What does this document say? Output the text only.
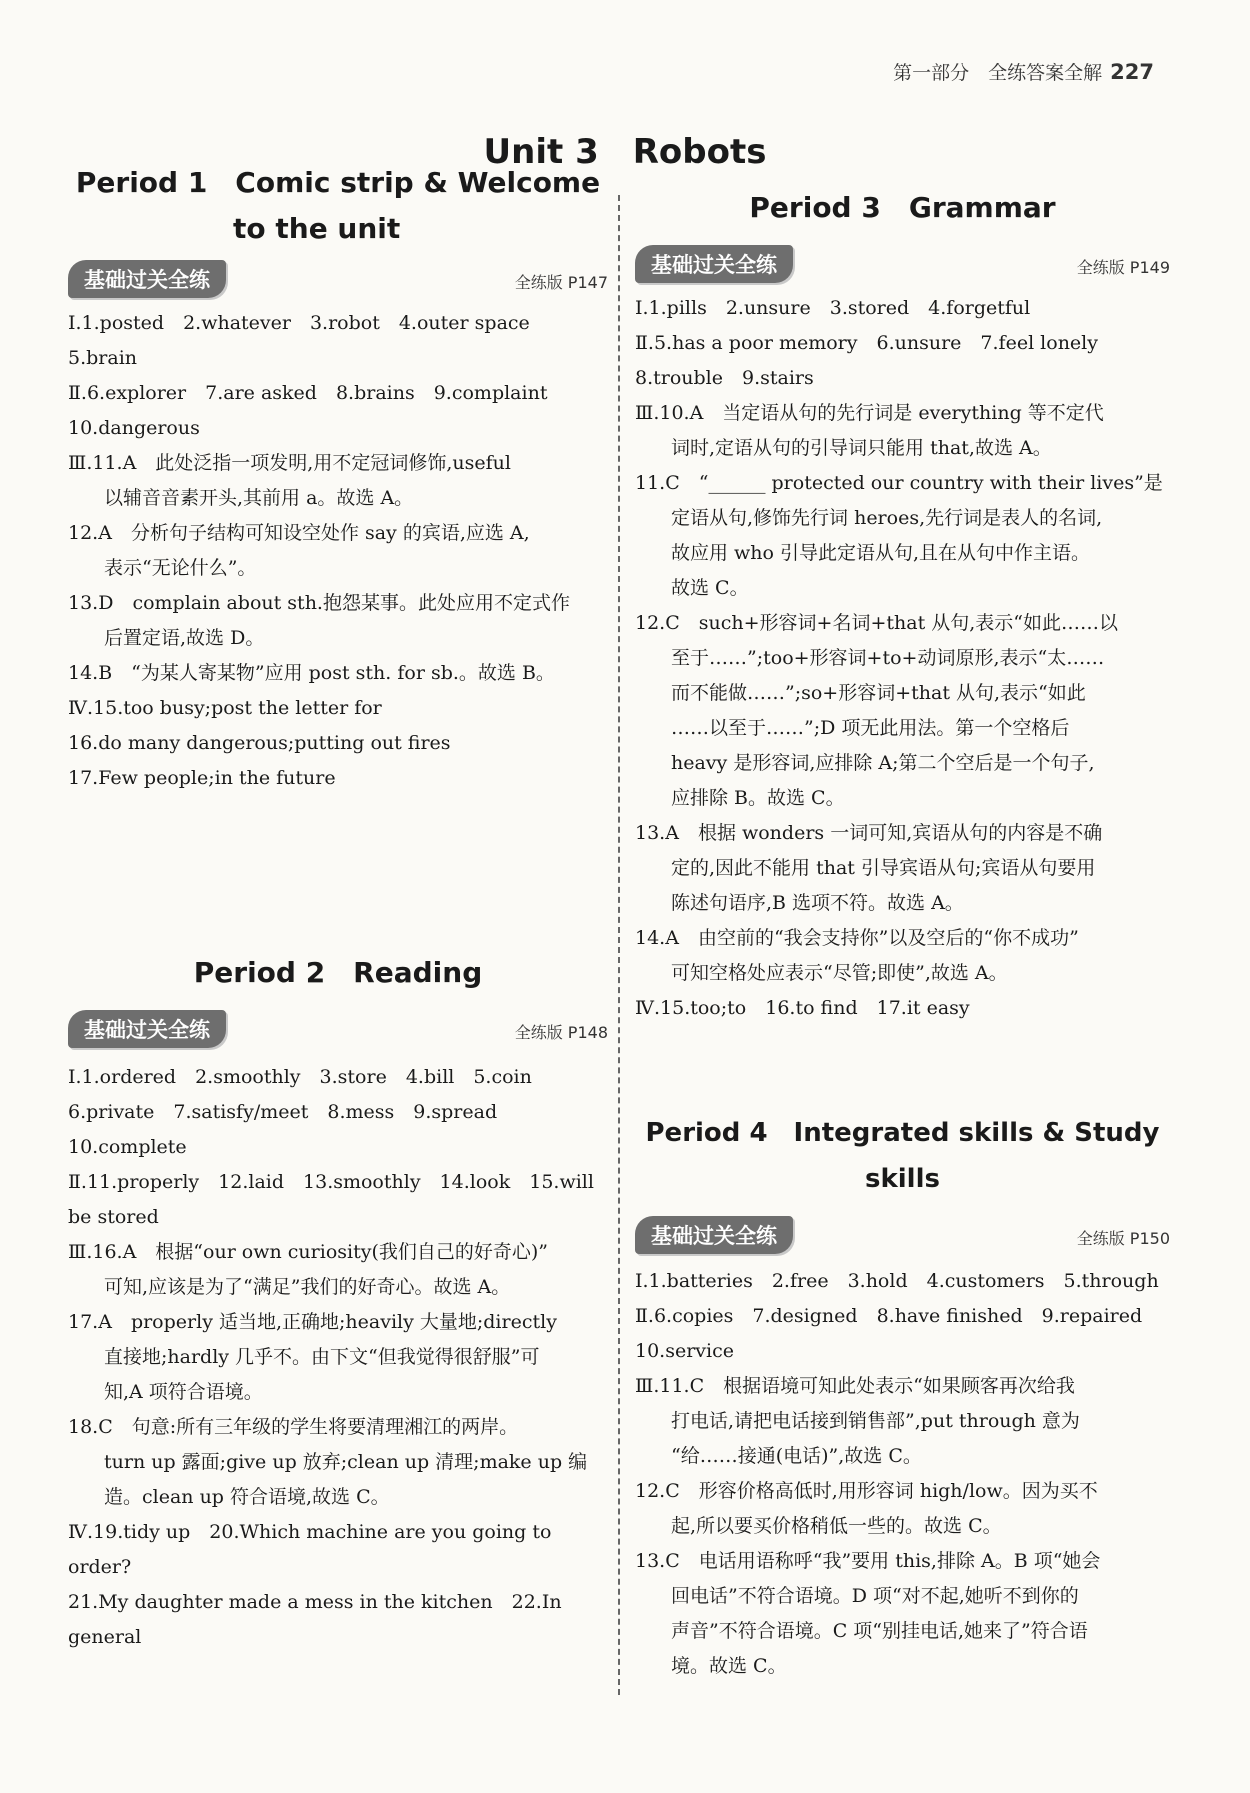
第一部分　全练答案全解 227
Unit 3　Robots
Period 1　Comic strip & Welcome
to the unit
基础过关全练	全练版 P147

Ⅰ.1.posted　2.whatever　3.robot　4.outer space

5.brain

Ⅱ.6.explorer　7.are asked　8.brains　9.complaint

10.dangerous

Ⅲ.11.A　此处泛指一项发明,用不定冠词修饰,useful

以辅音音素开头,其前用 a。故选 A。

12.A　分析句子结构可知设空处作 say 的宾语,应选 A,

表示“无论什么”。

13.D　complain about sth.抱怨某事。此处应用不定式作

后置定语,故选 D。

14.B　“为某人寄某物”应用 post sth. for sb.。故选 B。

Ⅳ.15.too busy;post the letter for

16.do many dangerous;putting out fires

17.Few people;in the future

Period 2　Reading
基础过关全练	全练版 P148

Ⅰ.1.ordered　2.smoothly　3.store　4.bill　5.coin

6.private　7.satisfy/meet　8.mess　9.spread

10.complete

Ⅱ.11.properly　12.laid　13.smoothly　14.look　15.will

be stored

Ⅲ.16.A　根据“our own curiosity(我们自己的好奇心)”

可知,应该是为了“满足”我们的好奇心。故选 A。

17.A　properly 适当地,正确地;heavily 大量地;directly

直接地;hardly 几乎不。由下文“但我觉得很舒服”可

知,A 项符合语境。

18.C　句意:所有三年级的学生将要清理湘江的两岸。

turn up 露面;give up 放弃;clean up 清理;make up 编

造。clean up 符合语境,故选 C。

Ⅳ.19.tidy up　20.Which machine are you going to order?

21.My daughter made a mess in the kitchen　22.In general

Period 3　Grammar
基础过关全练	全练版 P149

Ⅰ.1.pills　2.unsure　3.stored　4.forgetful

Ⅱ.5.has a poor memory　6.unsure　7.feel lonely

8.trouble　9.stairs

Ⅲ.10.A　当定语从句的先行词是 everything 等不定代

词时,定语从句的引导词只能用 that,故选 A。

11.C　“______ protected our country with their lives”是

定语从句,修饰先行词 heroes,先行词是表人的名词,

故应用 who 引导此定语从句,且在从句中作主语。

故选 C。

12.C　such+形容词+名词+that 从句,表示“如此……以

至于……”;too+形容词+to+动词原形,表示“太……

而不能做……”;so+形容词+that 从句,表示“如此

……以至于……”;D 项无此用法。第一个空格后

heavy 是形容词,应排除 A;第二个空后是一个句子,

应排除 B。故选 C。

13.A　根据 wonders 一词可知,宾语从句的内容是不确

定的,因此不能用 that 引导宾语从句;宾语从句要用

陈述句语序,B 选项不符。故选 A。

14.A　由空前的“我会支持你”以及空后的“你不成功”

可知空格处应表示“尽管;即使”,故选 A。

Ⅳ.15.too;to　16.to find　17.it easy

Period 4　Integrated skills & Study skills
基础过关全练	全练版 P150

Ⅰ.1.batteries　2.free　3.hold　4.customers　5.through

Ⅱ.6.copies　7.designed　8.have finished　9.repaired

10.service

Ⅲ.11.C　根据语境可知此处表示“如果顾客再次给我

打电话,请把电话接到销售部”,put through 意为

“给……接通(电话)”,故选 C。

12.C　形容价格高低时,用形容词 high/low。因为买不

起,所以要买价格稍低一些的。故选 C。

13.C　电话用语称呼“我”要用 this,排除 A。B 项“她会

回电话”不符合语境。D 项“对不起,她听不到你的

声音”不符合语境。C 项“别挂电话,她来了”符合语

境。故选 C。
